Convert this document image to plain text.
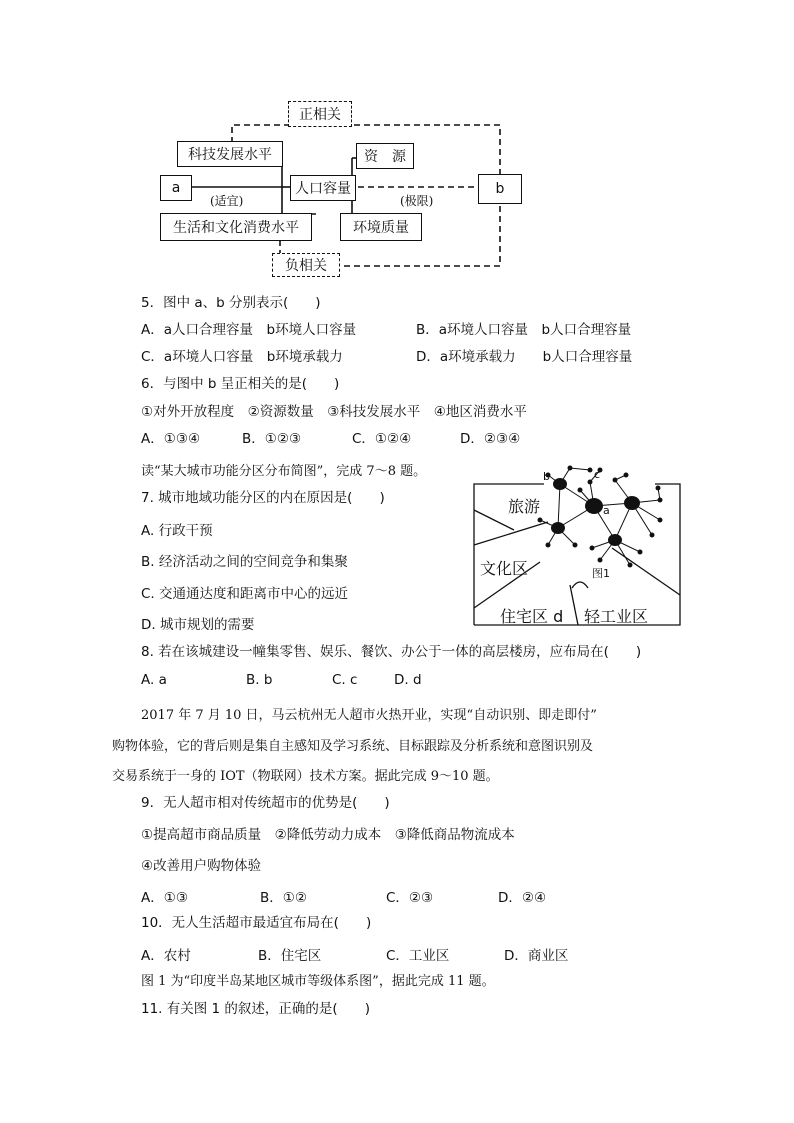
正相关
科技发展水平	资　源
a	人口容量	b
(适宜)	(极限)
生活和文化消费水平	环境质量
负相关
5．图中 a、b 分别表示(　　)
A．a人口合理容量　b环境人口容量	B．a环境人口容量　b人口合理容量
C．a环境人口容量　b环境承载力	D．a环境承载力　　b人口合理容量
6．与图中 b 呈正相关的是(　　)
①对外开放程度　②资源数量　③科技发展水平　④地区消费水平
A．①③④	B．①②③	C．①②④	D．②③④
读“某大城市功能分区分布简图”，完成 7～8 题。
7. 城市地域功能分区的内在原因是(　　)
A. 行政干预
B. 经济活动之间的空间竞争和集聚
C. 交通通达度和距离市中心的远近
D. 城市规划的需要
b	c
a
旅游
文化区	图1
住宅区 d 轻工业区
8. 若在该城建设一幢集零售、娱乐、餐饮、办公于一体的高层楼房，应布局在(　　)
A. a	B. b	C. c	D. d
2017 年 7 月 10 日，马云杭州无人超市火热开业，实现“自动识别、即走即付”
购物体验，它的背后则是集自主感知及学习系统、目标跟踪及分析系统和意图识别及
交易系统于一身的 IOT（物联网）技术方案。据此完成 9～10 题。
9．无人超市相对传统超市的优势是(　　)
①提高超市商品质量　②降低劳动力成本　③降低商品物流成本
④改善用户购物体验
A．①③	B．①②	C．②③	D．②④
10．无人生活超市最适宜布局在(　　)
A．农村	B．住宅区	C．工业区	D．商业区
图 1 为“印度半岛某地区城市等级体系图”，据此完成 11 题。
11. 有关图 1 的叙述，正确的是(　　)
